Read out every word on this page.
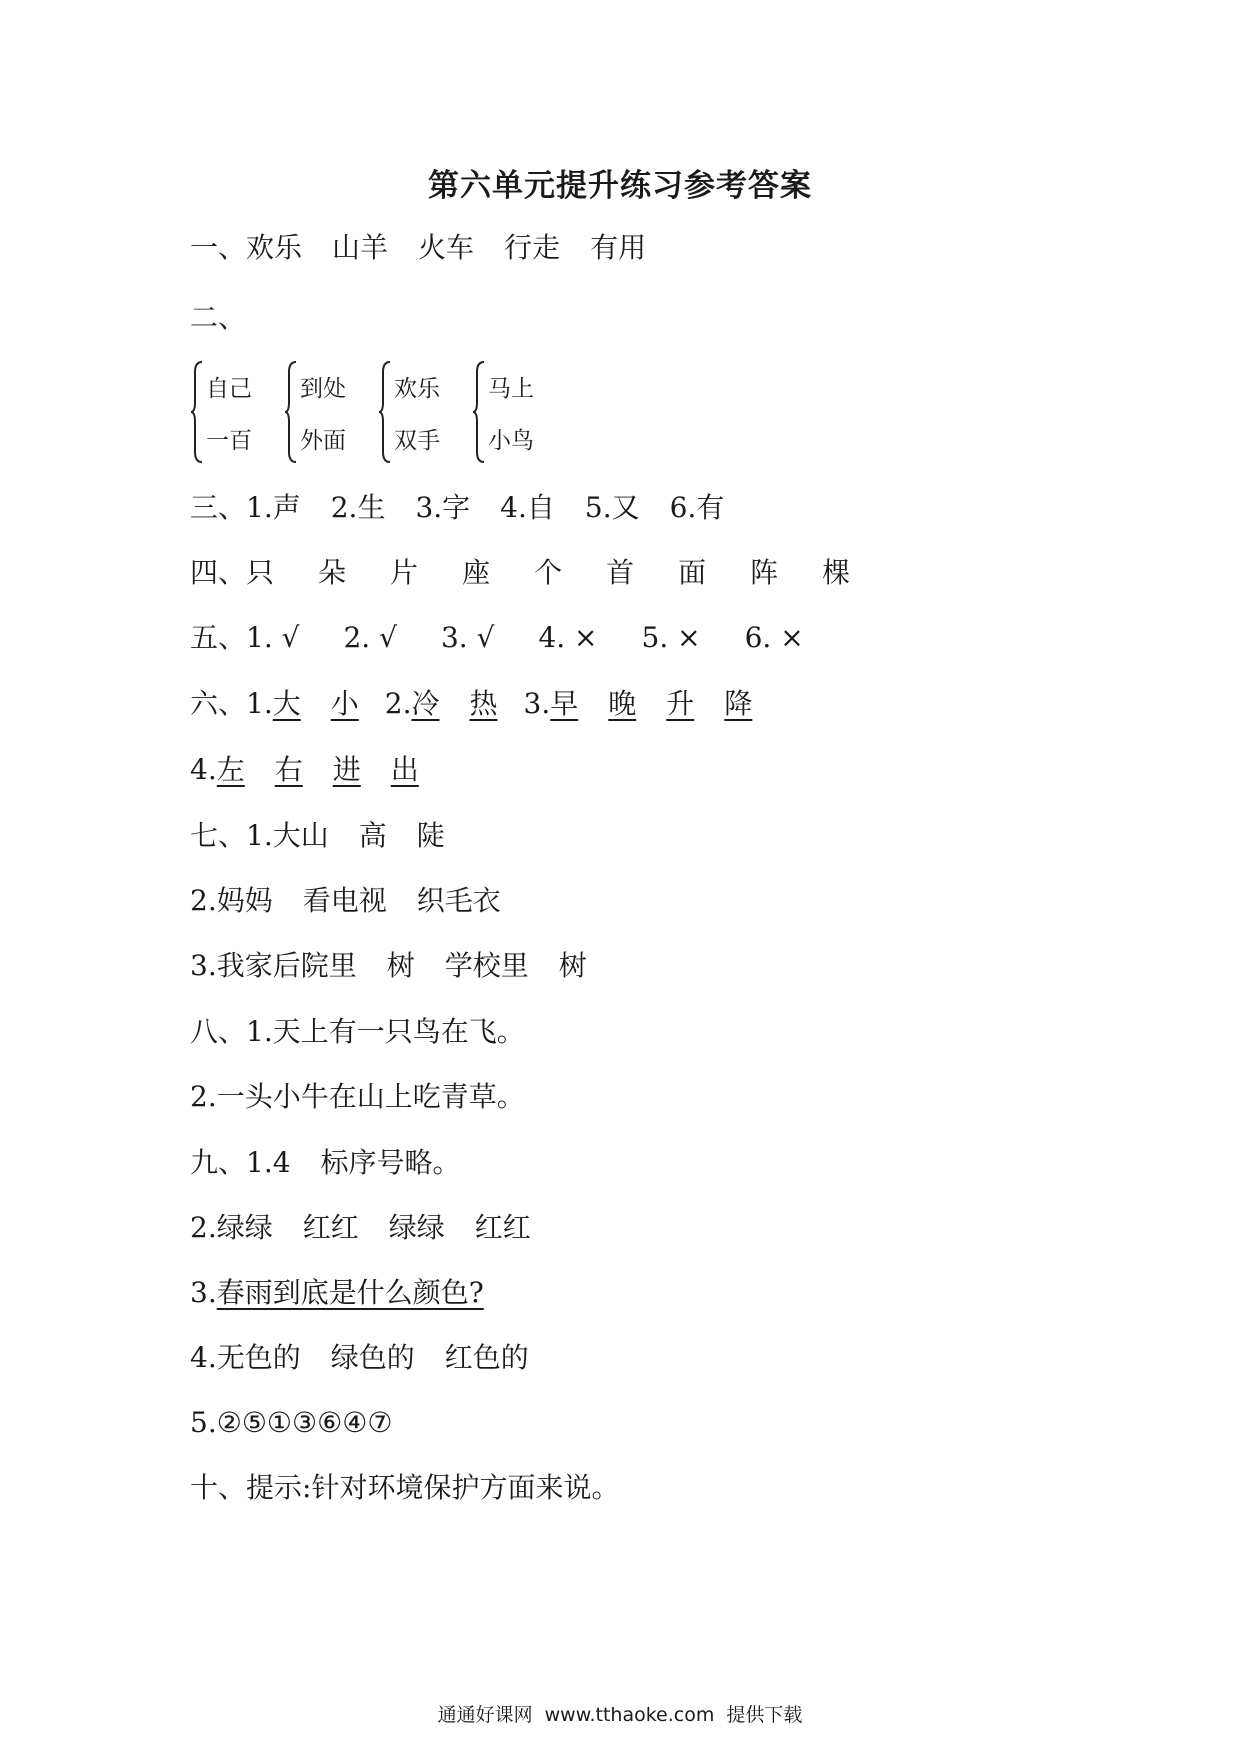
第六单元提升练习参考答案
一、欢乐 山羊 火车 行走 有用
二、
自己
一百
到处
外面
欢乐
双手
马上
小鸟
三、1.声 2.生 3.字 4.自 5.又 6.有
四、只 朵 片 座 个 首 面 阵 棵
五、1. √ 2. √ 3. √ 4. × 5. × 6. ×
六、1.大 小 2.冷 热 3.早 晚 升 降
4.左 右 进 出
七、1.大山 高 陡
2.妈妈 看电视 织毛衣
3.我家后院里 树 学校里 树
八、1.天上有一只鸟在飞。
2.一头小牛在山上吃青草。
九、1.4 标序号略。
2.绿绿 红红 绿绿 红红
3.春雨到底是什么颜色?
4.无色的 绿色的 红色的
5.②⑤①③⑥④⑦
十、提示:针对环境保护方面来说。
通通好课网 www.tthaoke.com 提供下载
